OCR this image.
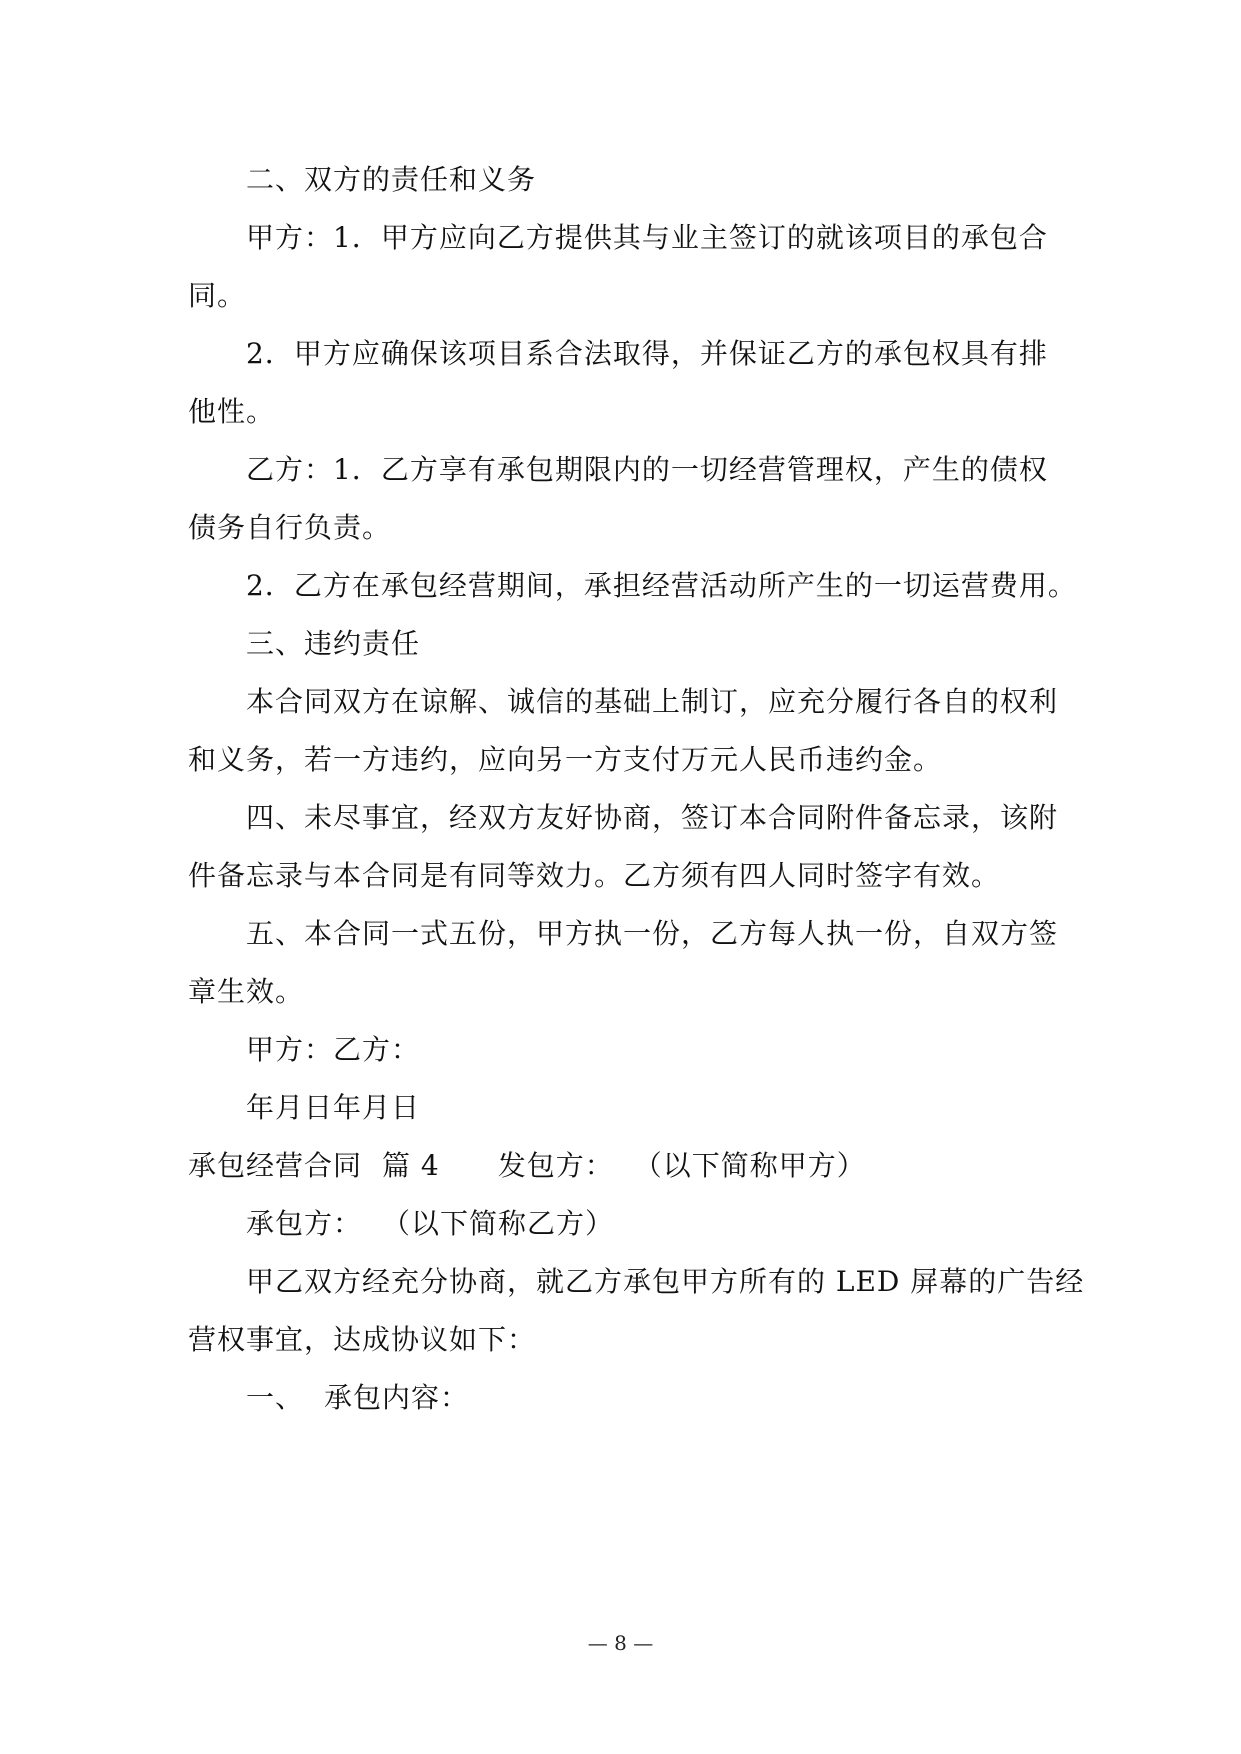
二、双方的责任和义务
甲方：1．甲方应向乙方提供其与业主签订的就该项目的承包合
同。
2．甲方应确保该项目系合法取得，并保证乙方的承包权具有排
他性。
乙方：1．乙方享有承包期限内的一切经营管理权，产生的债权
债务自行负责。
2．乙方在承包经营期间，承担经营活动所产生的一切运营费用。
三、违约责任
本合同双方在谅解、诚信的基础上制订，应充分履行各自的权利
和义务，若一方违约，应向另一方支付万元人民币违约金。
四、未尽事宜，经双方友好协商，签订本合同附件备忘录，该附
件备忘录与本合同是有同等效力。乙方须有四人同时签字有效。
五、本合同一式五份，甲方执一份，乙方每人执一份，自双方签
章生效。
甲方：乙方：
年月日年月日
承包经营合同 篇 4 发包方： （以下简称甲方）
承包方： （以下简称乙方）
甲乙双方经充分协商，就乙方承包甲方所有的 LED 屏幕的广告经
营权事宜，达成协议如下：
一、 承包内容：
— 8 —
